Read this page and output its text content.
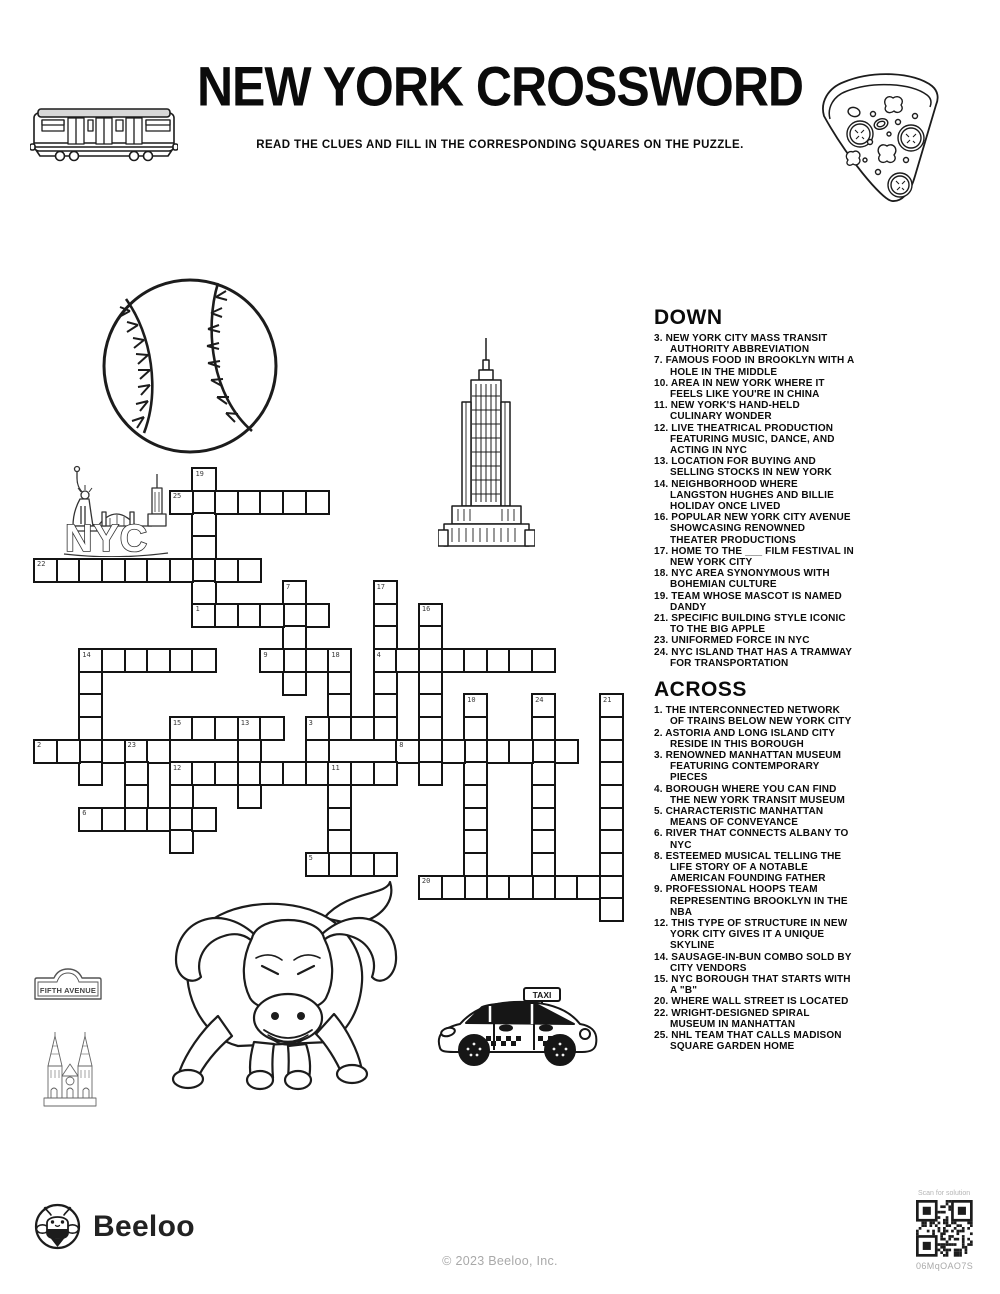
NEW YORK CROSSWORD
READ THE CLUES AND FILL IN THE CORRESPONDING SQUARES ON THE PUZZLE.
NYC
TAXI
FIFTH AVENUE
19
1
25
22
7	17
4
16
14	9	18
10	24	21
15	13	3
2	23	8
12	11
6
5
20
DOWN
3. NEW YORK CITY MASS TRANSIT AUTHORITY ABBREVIATION
7. FAMOUS FOOD IN BROOKLYN WITH A HOLE IN THE MIDDLE
10. AREA IN NEW YORK WHERE IT FEELS LIKE YOU'RE IN CHINA
11. NEW YORK'S HAND-HELD CULINARY WONDER
12. LIVE THEATRICAL PRODUCTION FEATURING MUSIC, DANCE, AND ACTING IN NYC
13. LOCATION FOR BUYING AND SELLING STOCKS IN NEW YORK
14. NEIGHBORHOOD WHERE LANGSTON HUGHES AND BILLIE HOLIDAY ONCE LIVED
16. POPULAR NEW YORK CITY AVENUE SHOWCASING RENOWNED THEATER PRODUCTIONS
17. HOME TO THE ___ FILM FESTIVAL IN NEW YORK CITY
18. NYC AREA SYNONYMOUS WITH BOHEMIAN CULTURE
19. TEAM WHOSE MASCOT IS NAMED DANDY
21. SPECIFIC BUILDING STYLE ICONIC TO THE BIG APPLE
23. UNIFORMED FORCE IN NYC
24. NYC ISLAND THAT HAS A TRAMWAY FOR TRANSPORTATION
ACROSS
1. THE INTERCONNECTED NETWORK OF TRAINS BELOW NEW YORK CITY
2. ASTORIA AND LONG ISLAND CITY RESIDE IN THIS BOROUGH
3. RENOWNED MANHATTAN MUSEUM FEATURING CONTEMPORARY PIECES
4. BOROUGH WHERE YOU CAN FIND THE NEW YORK TRANSIT MUSEUM
5. CHARACTERISTIC MANHATTAN MEANS OF CONVEYANCE
6. RIVER THAT CONNECTS ALBANY TO NYC
8. ESTEEMED MUSICAL TELLING THE LIFE STORY OF A NOTABLE AMERICAN FOUNDING FATHER
9. PROFESSIONAL HOOPS TEAM REPRESENTING BROOKLYN IN THE NBA
12. THIS TYPE OF STRUCTURE IN NEW YORK CITY GIVES IT A UNIQUE SKYLINE
14. SAUSAGE-IN-BUN COMBO SOLD BY CITY VENDORS
15. NYC BOROUGH THAT STARTS WITH A "B"
20. WHERE WALL STREET IS LOCATED
22. WRIGHT-DESIGNED SPIRAL MUSEUM IN MANHATTAN
25. NHL TEAM THAT CALLS MADISON SQUARE GARDEN HOME
Beeloo
© 2023 Beeloo, Inc.
Scan for solution
06MqOAO7S
